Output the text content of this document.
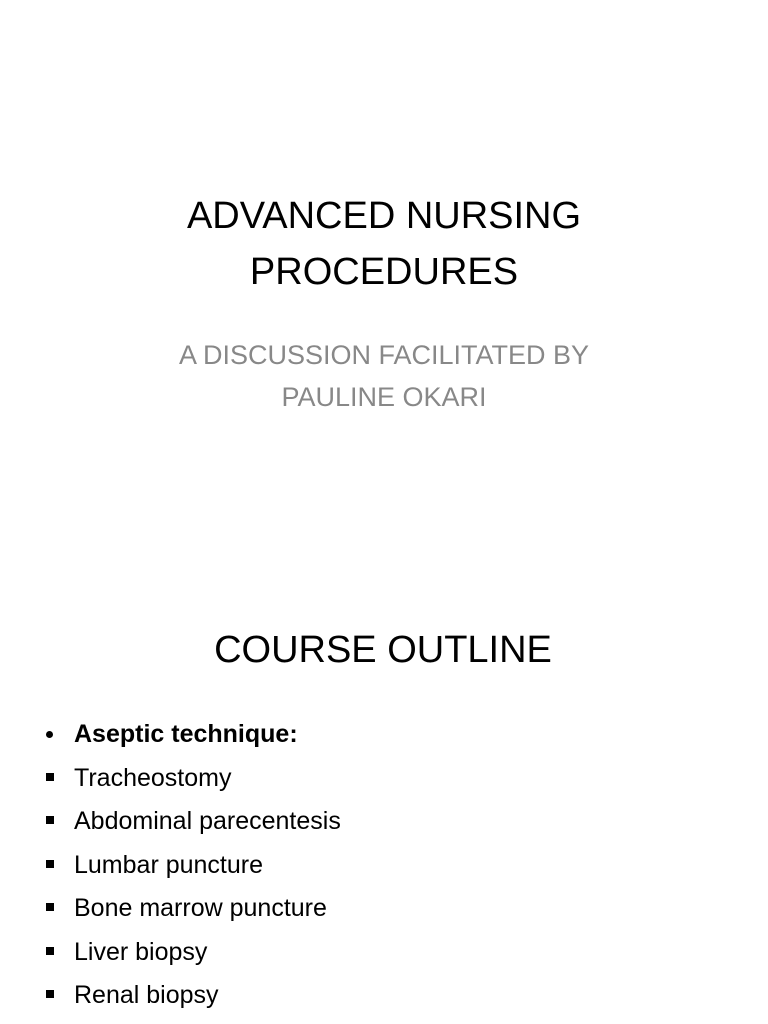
ADVANCED NURSING
PROCEDURES
A DISCUSSION FACILITATED BY
PAULINE OKARI
COURSE OUTLINE
Aseptic technique:
Tracheostomy
Abdominal parecentesis
Lumbar puncture
Bone marrow puncture
Liver biopsy
Renal biopsy
